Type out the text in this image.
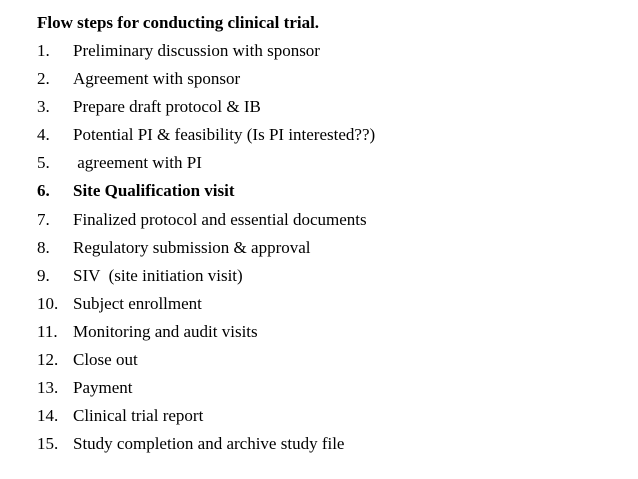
Flow steps for conducting clinical trial.
1.	Preliminary discussion with sponsor
2.	Agreement with sponsor
3.	Prepare draft protocol & IB
4.	Potential PI & feasibility (Is PI interested??)
5.	agreement with PI
6.	Site Qualification visit
7.	Finalized protocol and essential documents
8.	Regulatory submission & approval
9.	SIV  (site initiation visit)
10. Subject enrollment
11. Monitoring and audit visits
12. Close out
13. Payment
14. Clinical trial report
15. Study completion and archive study file
